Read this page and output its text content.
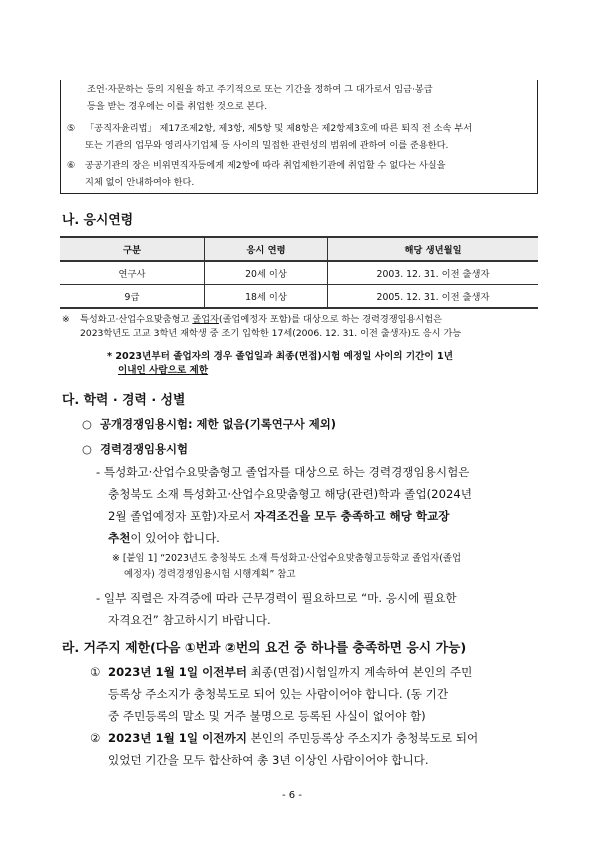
조언·자문하는 등의 지원을 하고 주기적으로 또는 기간을 정하여 그 대가로서 임금·봉급
등을 받는 경우에는 이를 취업한 것으로 본다.
⑤ 「공직자윤리법」 제17조제2항, 제3항, 제5항 및 제8항은 제2항제3호에 따른 퇴직 전 소속 부서
또는 기관의 업무와 영리사기업체 등 사이의 밀접한 관련성의 범위에 관하여 이를 준용한다.
⑥ 공공기관의 장은 비위면직자등에게 제2항에 따라 취업제한기관에 취업할 수 없다는 사실을
지체 없이 안내하여야 한다.
나. 응시연령
구분	응시 연령	해당 생년월일
연구사	20세 이상	2003. 12. 31. 이전 출생자
9급	18세 이상	2005. 12. 31. 이전 출생자
※ 특성화고·산업수요맞춤형고 졸업자(졸업예정자 포함)를 대상으로 하는 경력경쟁임용시험은
2023학년도 고교 3학년 재학생 중 조기 입학한 17세(2006. 12. 31. 이전 출생자)도 응시 가능
* 2023년부터 졸업자의 경우 졸업일과 최종(면접)시험 예정일 사이의 기간이 1년
이내인 사람으로 제한
다. 학력 · 경력 · 성별
○ 공개경쟁임용시험: 제한 없음(기록연구사 제외)
○ 경력경쟁임용시험
- 특성화고·산업수요맞춤형고 졸업자를 대상으로 하는 경력경쟁임용시험은
충청북도 소재 특성화고·산업수요맞춤형고 해당(관련)학과 졸업(2024년
2월 졸업예정자 포함)자로서 자격조건을 모두 충족하고 해당 학교장
추천이 있어야 합니다.
※ [붙임 1] “2023년도 충청북도 소재 특성화고·산업수요맞춤형고등학교 졸업자(졸업
예정자) 경력경쟁임용시험 시행계획” 참고
- 일부 직렬은 자격증에 따라 근무경력이 필요하므로 “마. 응시에 필요한
자격요건” 참고하시기 바랍니다.
라. 거주지 제한(다음 ①번과 ②번의 요건 중 하나를 충족하면 응시 가능)
① 2023년 1월 1일 이전부터 최종(면접)시험일까지 계속하여 본인의 주민
등록상 주소지가 충청북도로 되어 있는 사람이어야 합니다. (동 기간
중 주민등록의 말소 및 거주 불명으로 등록된 사실이 없어야 함)
② 2023년 1월 1일 이전까지 본인의 주민등록상 주소지가 충청북도로 되어
있었던 기간을 모두 합산하여 총 3년 이상인 사람이어야 합니다.
- 6 -
